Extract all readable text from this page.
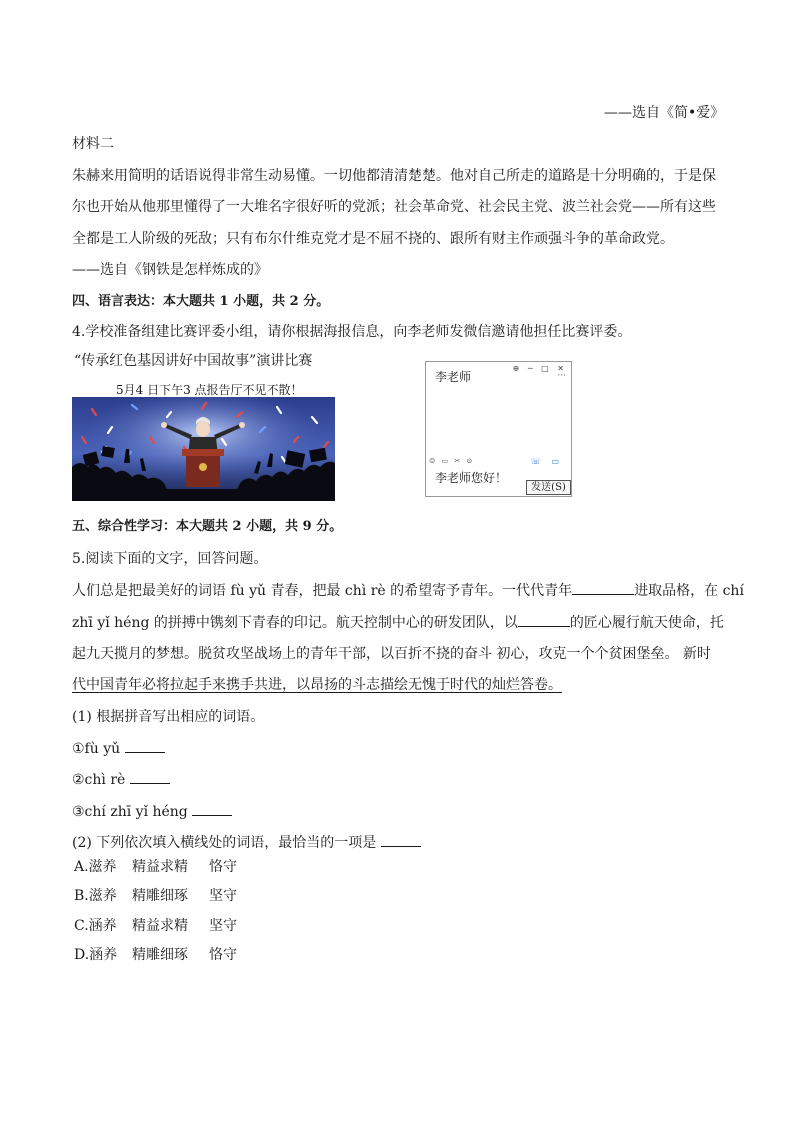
——选自《简•爱》
材料二
朱赫来用简明的话语说得非常生动易懂。一切他都清清楚楚。他对自己所走的道路是十分明确的，于是保
尔也开始从他那里懂得了一大堆名字很好听的党派；社会革命党、社会民主党、波兰社会党——所有这些
全都是工人阶级的死敌；只有布尔什维克党才是不屈不挠的、跟所有财主作顽强斗争的革命政党。
——选自《钢铁是怎样炼成的》
四、语言表达：本大题共 1 小题，共 2 分。
4.学校准备组建比赛评委小组，请你根据海报信息，向李老师发微信邀请他担任比赛评委。
“传承红色基因讲好中国故事”演讲比赛
5月4 日下午3 点报告厅不见不散！
李老师
⊕ ─ □ ✕
···
☺ ▭ ✂ ⊙	☏ ▭
李老师您好！
发送(S)
五、综合性学习：本大题共 2 小题，共 9 分。
5.阅读下面的文字，回答问题。
人们总是把最美好的词语 fù yǔ 青春，把最 chì rè 的希望寄予青年。一代代青年	进取品格，在 chí
zhī yǐ héng 的拼搏中镌刻下青春的印记。航天控制中心的研发团队，以	的匠心履行航天使命，托
起九天揽月的梦想。脱贫攻坚战场上的青年干部，以百折不挠的奋斗 初心，攻克一个个贫困堡垒。 新时
代中国青年必将拉起手来携手共进，以昂扬的斗志描绘无愧于时代的灿烂答卷。
(1) 根据拼音写出相应的词语。
①fù yǔ
②chì rè
③chí zhī yǐ héng
(2) 下列依次填入横线处的词语，最恰当的一项是
A.滋养 精益求精 恪守
B.滋养 精雕细琢 坚守
C.涵养 精益求精 坚守
D.涵养 精雕细琢 恪守
